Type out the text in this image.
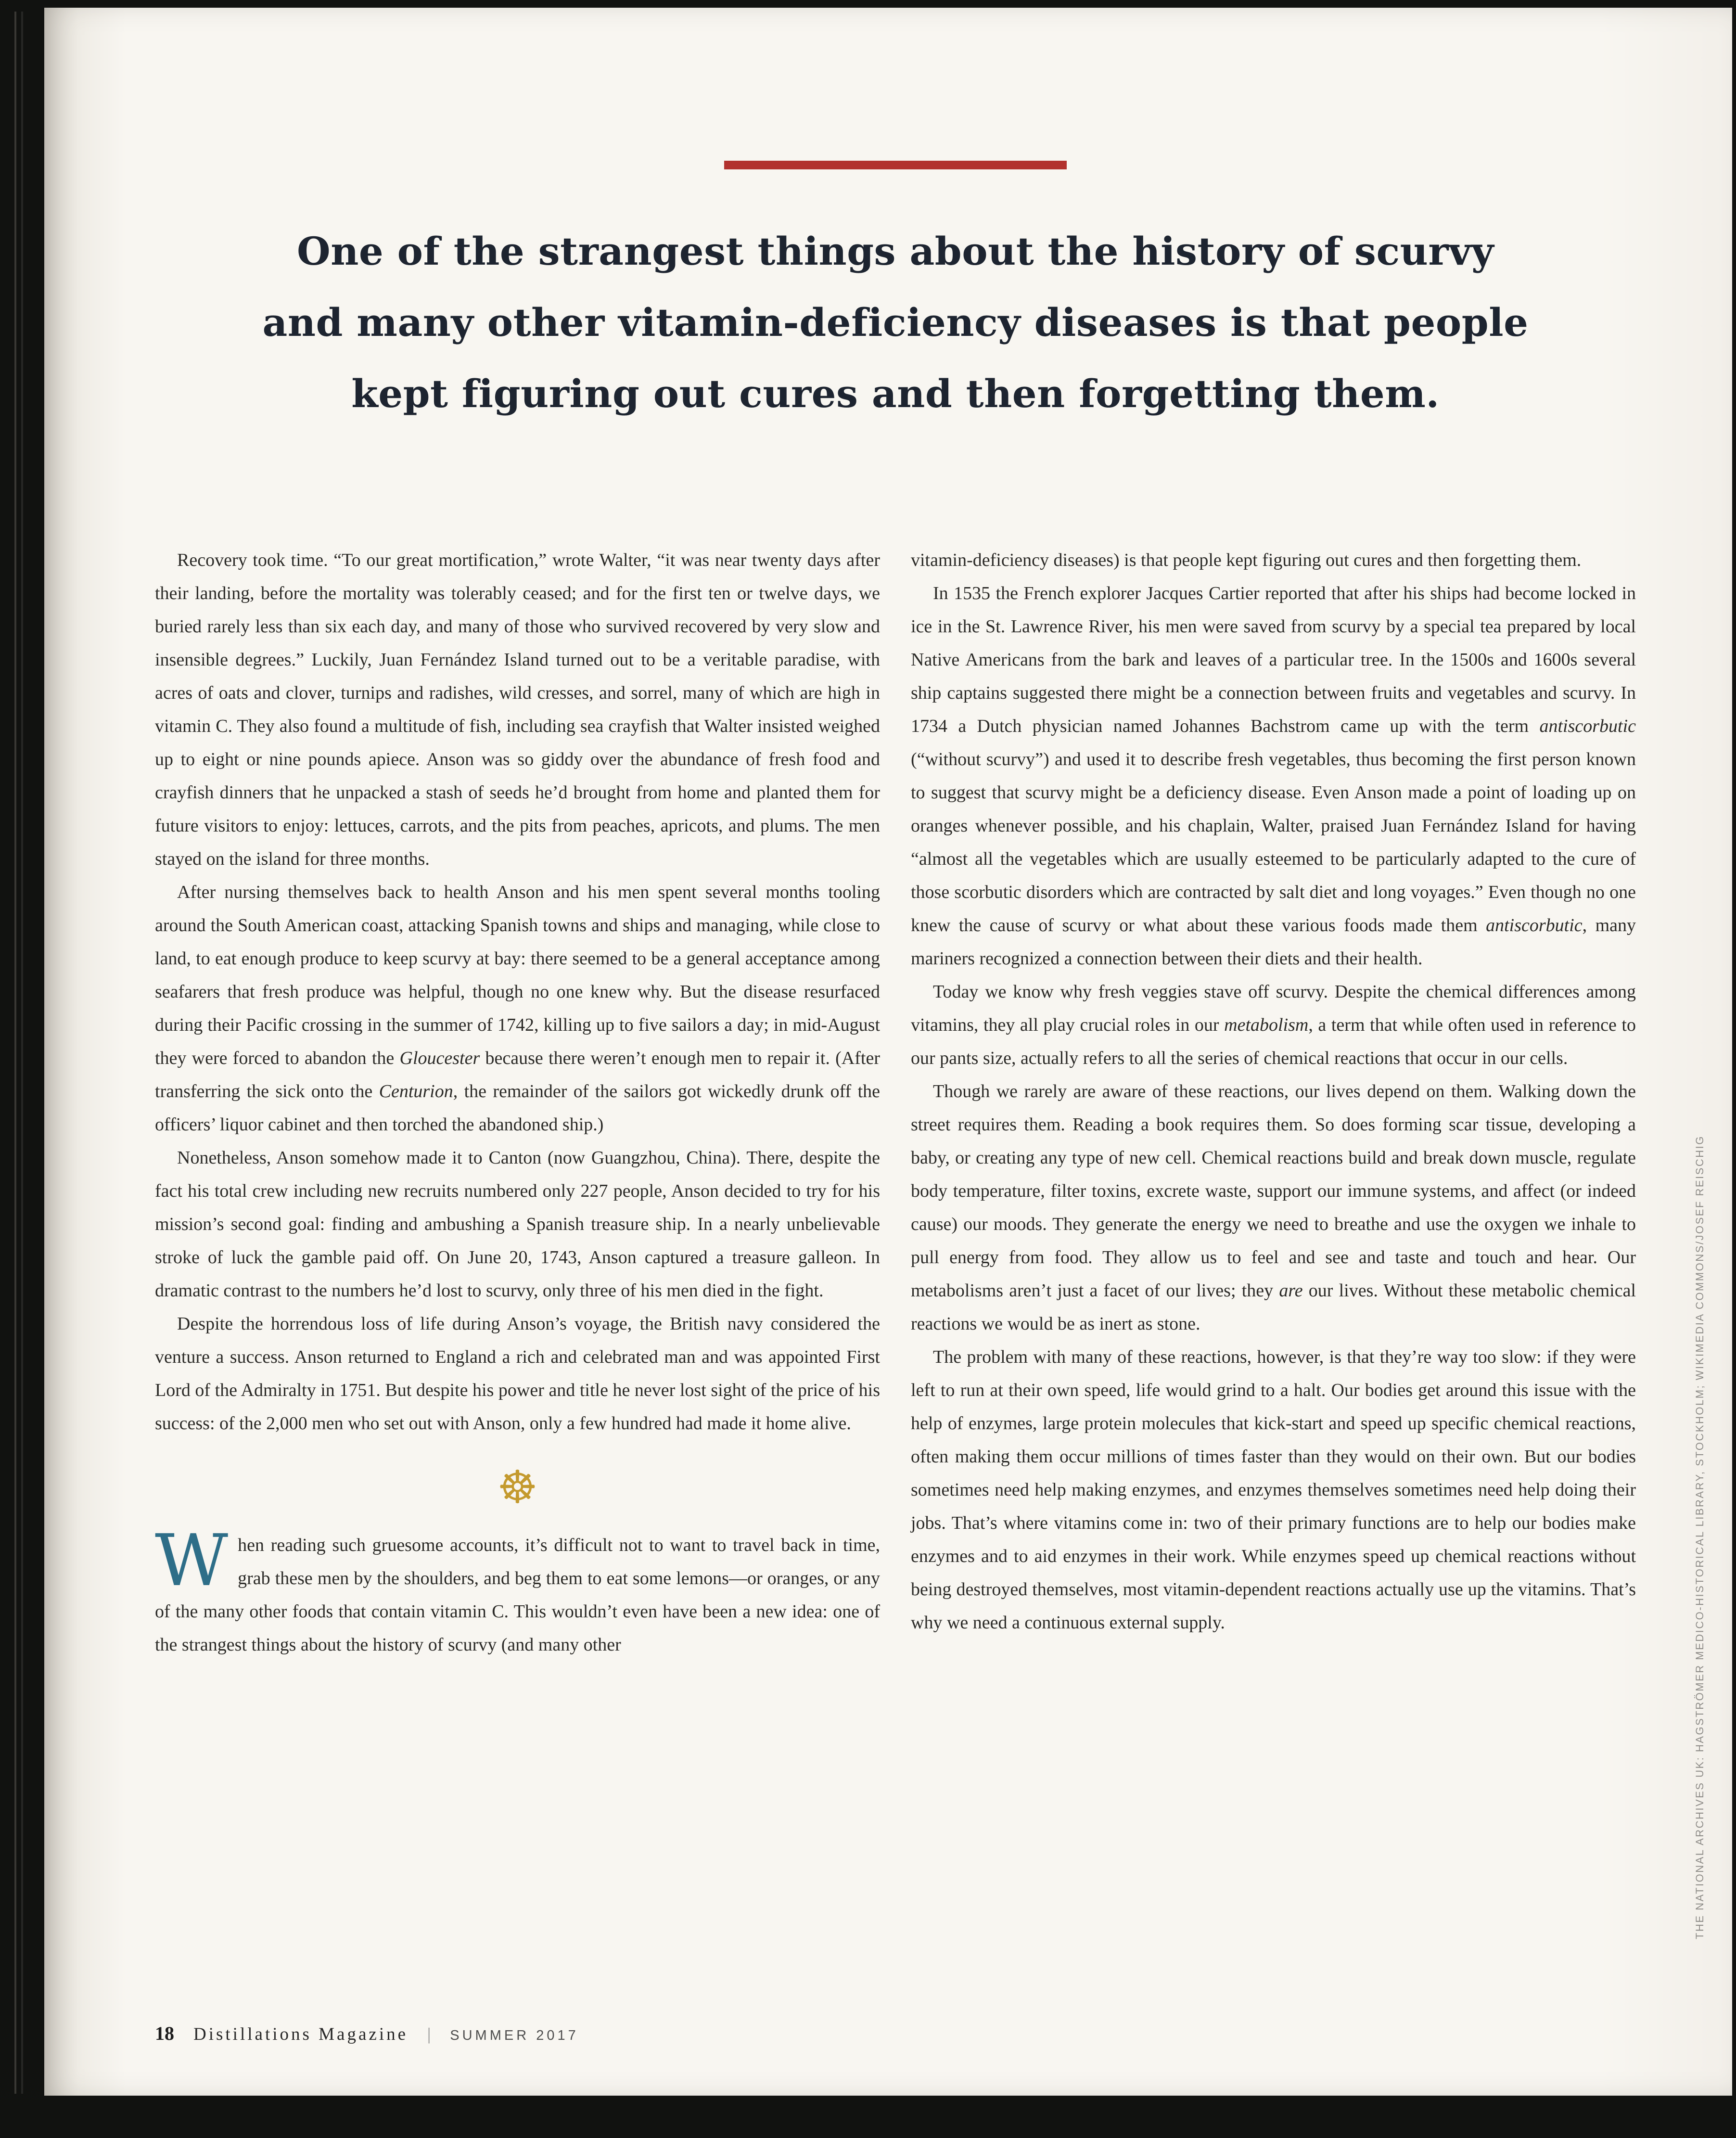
One of the strangest things about the history of scurvy
and many other vitamin-deficiency diseases is that people
kept figuring out cures and then forgetting them.

Recovery took time. “To our great mortification,” wrote Walter, “it was near twenty days after their landing, before the mortality was tolerably ceased; and for the first ten or twelve days, we buried rarely less than six each day, and many of those who survived recovered by very slow and insensible degrees.” Luckily, Juan Fernández Island turned out to be a veritable paradise, with acres of oats and clover, turnips and radishes, wild cresses, and sorrel, many of which are high in vitamin C. They also found a multitude of fish, including sea crayfish that Walter insisted weighed up to eight or nine pounds apiece. Anson was so giddy over the abundance of fresh food and crayfish dinners that he unpacked a stash of seeds he’d brought from home and planted them for future visitors to enjoy: lettuces, carrots, and the pits from peaches, apricots, and plums. The men stayed on the island for three months.

After nursing themselves back to health Anson and his men spent several months tooling around the South American coast, attacking Spanish towns and ships and managing, while close to land, to eat enough produce to keep scurvy at bay: there seemed to be a general acceptance among seafarers that fresh produce was helpful, though no one knew why. But the disease resurfaced during their Pacific crossing in the summer of 1742, killing up to five sailors a day; in mid-August they were forced to abandon the Gloucester because there weren’t enough men to repair it. (After transferring the sick onto the Centurion, the remainder of the sailors got wickedly drunk off the officers’ liquor cabinet and then torched the abandoned ship.)

Nonetheless, Anson somehow made it to Canton (now Guangzhou, China). There, despite the fact his total crew including new recruits numbered only 227 people, Anson decided to try for his mission’s second goal: finding and ambushing a Spanish treasure ship. In a nearly unbelievable stroke of luck the gamble paid off. On June 20, 1743, Anson captured a treasure galleon. In dramatic contrast to the numbers he’d lost to scurvy, only three of his men died in the fight.

Despite the horrendous loss of life during Anson’s voyage, the British navy considered the venture a success. Anson returned to England a rich and celebrated man and was appointed First Lord of the Admiralty in 1751. But despite his power and title he never lost sight of the price of his success: of the 2,000 men who set out with Anson, only a few hundred had made it home alive.

☸

When reading such gruesome accounts, it’s difficult not to want to travel back in time, grab these men by the shoulders, and beg them to eat some lemons—or oranges, or any of the many other foods that contain vitamin C. This wouldn’t even have been a new idea: one of the strangest things about the history of scurvy (and many other

vitamin-deficiency diseases) is that people kept figuring out cures and then forgetting them.

In 1535 the French explorer Jacques Cartier reported that after his ships had become locked in ice in the St. Lawrence River, his men were saved from scurvy by a special tea prepared by local Native Americans from the bark and leaves of a particular tree. In the 1500s and 1600s several ship captains suggested there might be a connection between fruits and vegetables and scurvy. In 1734 a Dutch physician named Johannes Bachstrom came up with the term antiscorbutic (“without scurvy”) and used it to describe fresh vegetables, thus becoming the first person known to suggest that scurvy might be a deficiency disease. Even Anson made a point of loading up on oranges whenever possible, and his chaplain, Walter, praised Juan Fernández Island for having “almost all the vegetables which are usually esteemed to be particularly adapted to the cure of those scorbutic disorders which are contracted by salt diet and long voyages.” Even though no one knew the cause of scurvy or what about these various foods made them antiscorbutic, many mariners recognized a connection between their diets and their health.

Today we know why fresh veggies stave off scurvy. Despite the chemical differences among vitamins, they all play crucial roles in our metabolism, a term that while often used in reference to our pants size, actually refers to all the series of chemical reactions that occur in our cells.

Though we rarely are aware of these reactions, our lives depend on them. Walking down the street requires them. Reading a book requires them. So does forming scar tissue, developing a baby, or creating any type of new cell. Chemical reactions build and break down muscle, regulate body temperature, filter toxins, excrete waste, support our immune systems, and affect (or indeed cause) our moods. They generate the energy we need to breathe and use the oxygen we inhale to pull energy from food. They allow us to feel and see and taste and touch and hear. Our metabolisms aren’t just a facet of our lives; they are our lives. Without these metabolic chemical reactions we would be as inert as stone.

The problem with many of these reactions, however, is that they’re way too slow: if they were left to run at their own speed, life would grind to a halt. Our bodies get around this issue with the help of enzymes, large protein molecules that kick-start and speed up specific chemical reactions, often making them occur millions of times faster than they would on their own. But our bodies sometimes need help making enzymes, and enzymes themselves sometimes need help doing their jobs. That’s where vitamins come in: two of their primary functions are to help our bodies make enzymes and to aid enzymes in their work. While enzymes speed up chemical reactions without being destroyed themselves, most vitamin-dependent reactions actually use up the vitamins. That’s why we need a continuous external supply.

18 Distillations Magazine | SUMMER 2017
THE NATIONAL ARCHIVES UK: HAGSTRÖMER MEDICO-HISTORICAL LIBRARY, STOCKHOLM; WIKIMEDIA COMMONS/JOSEF REISCHIG
